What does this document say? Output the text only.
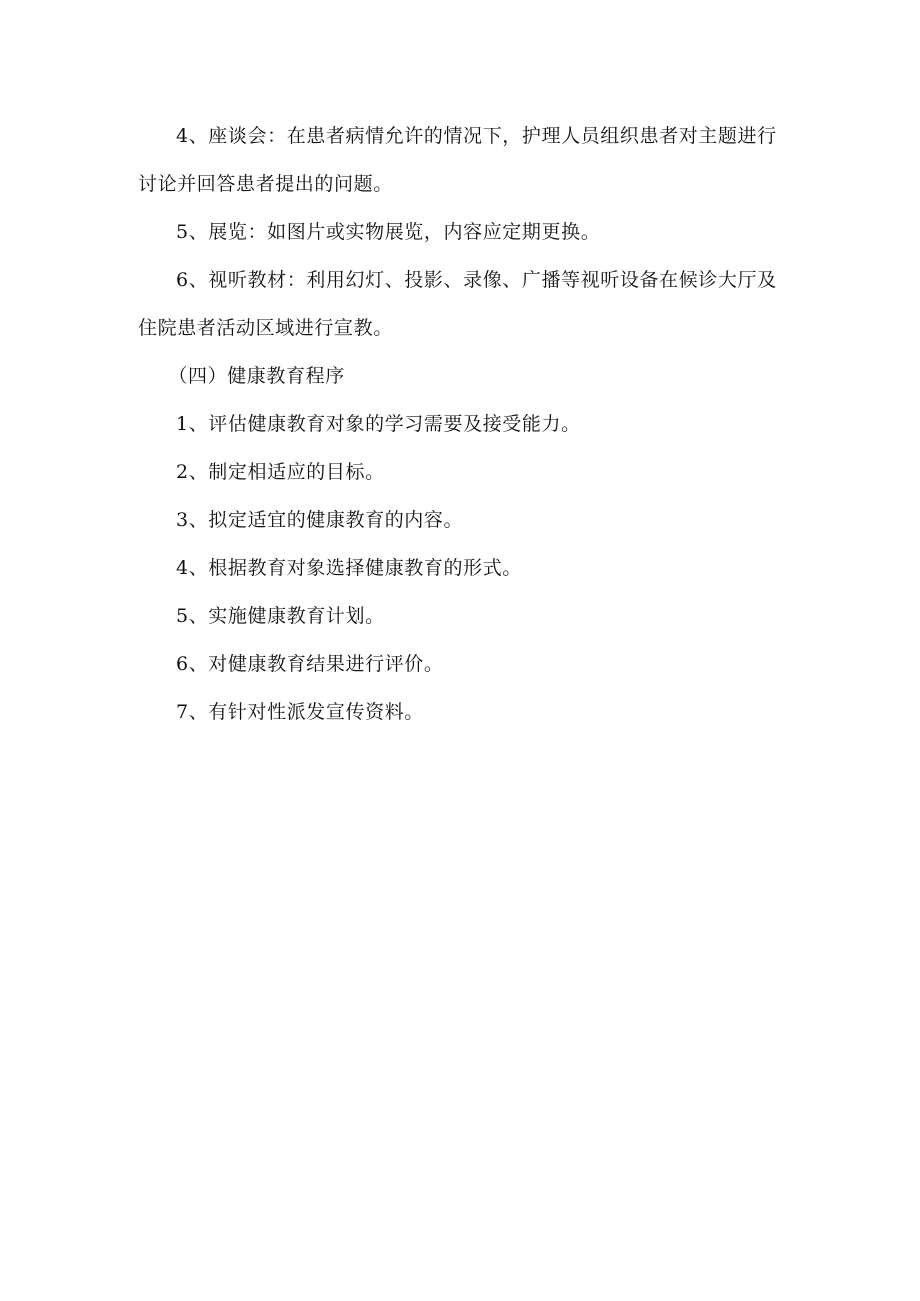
4、座谈会：在患者病情允许的情况下，护理人员组织患者对主题进行讨论并回答患者提出的问题。

5、展览：如图片或实物展览，内容应定期更换。

6、视听教材：利用幻灯、投影、录像、广播等视听设备在候诊大厅及住院患者活动区域进行宣教。

（四）健康教育程序

1、评估健康教育对象的学习需要及接受能力。

2、制定相适应的目标。

3、拟定适宜的健康教育的内容。

4、根据教育对象选择健康教育的形式。

5、实施健康教育计划。

6、对健康教育结果进行评价。

7、有针对性派发宣传资料。
